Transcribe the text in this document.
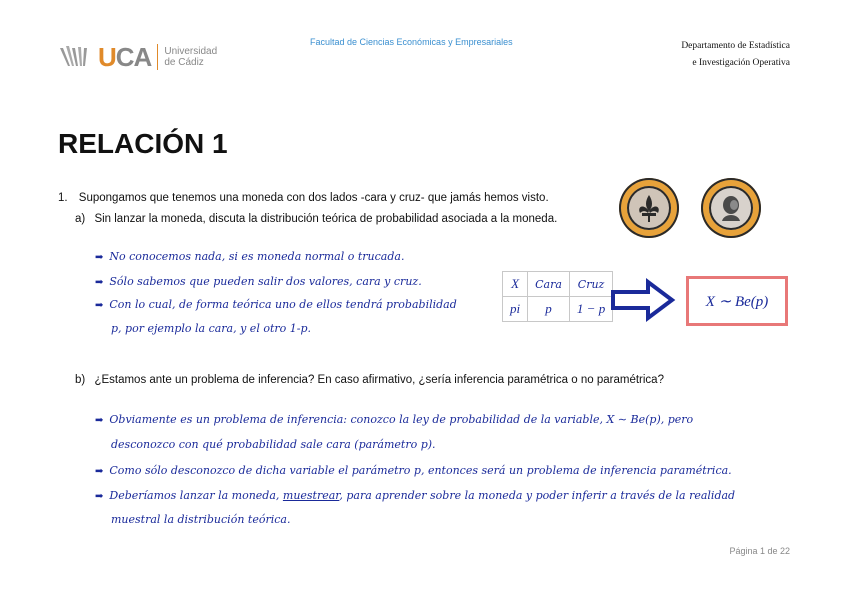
UCA Universidad
de Cádiz
Facultad de Ciencias Económicas y Empresariales	Departamento de Estadística
e Investigación Operativa
RELACIÓN 1
1. Supongamos que tenemos una moneda con dos lados -cara y cruz- que jamás hemos visto.
a) Sin lanzar la moneda, discuta la distribución teórica de probabilidad asociada a la moneda.
➡ No conocemos nada, si es moneda normal o trucada.
➡ Sólo sabemos que pueden salir dos valores, cara y cruz.
➡ Con lo cual, de forma teórica uno de ellos tendrá probabilidad
p, por ejemplo la cara, y el otro 1-p.
X	Cara	Cruz
pi	p	1 − p	X ∼ Be(p)
b) ¿Estamos ante un problema de inferencia? En caso afirmativo, ¿sería inferencia paramétrica o no paramétrica?
➡ Obviamente es un problema de inferencia: conozco la ley de probabilidad de la variable, X ∼ Be(p), pero
desconozco con qué probabilidad sale cara (parámetro p).
➡ Como sólo desconozco de dicha variable el parámetro p, entonces será un problema de inferencia paramétrica.
➡ Deberíamos lanzar la moneda, muestrear, para aprender sobre la moneda y poder inferir a través de la realidad
muestral la distribución teórica.
Página 1 de 22
